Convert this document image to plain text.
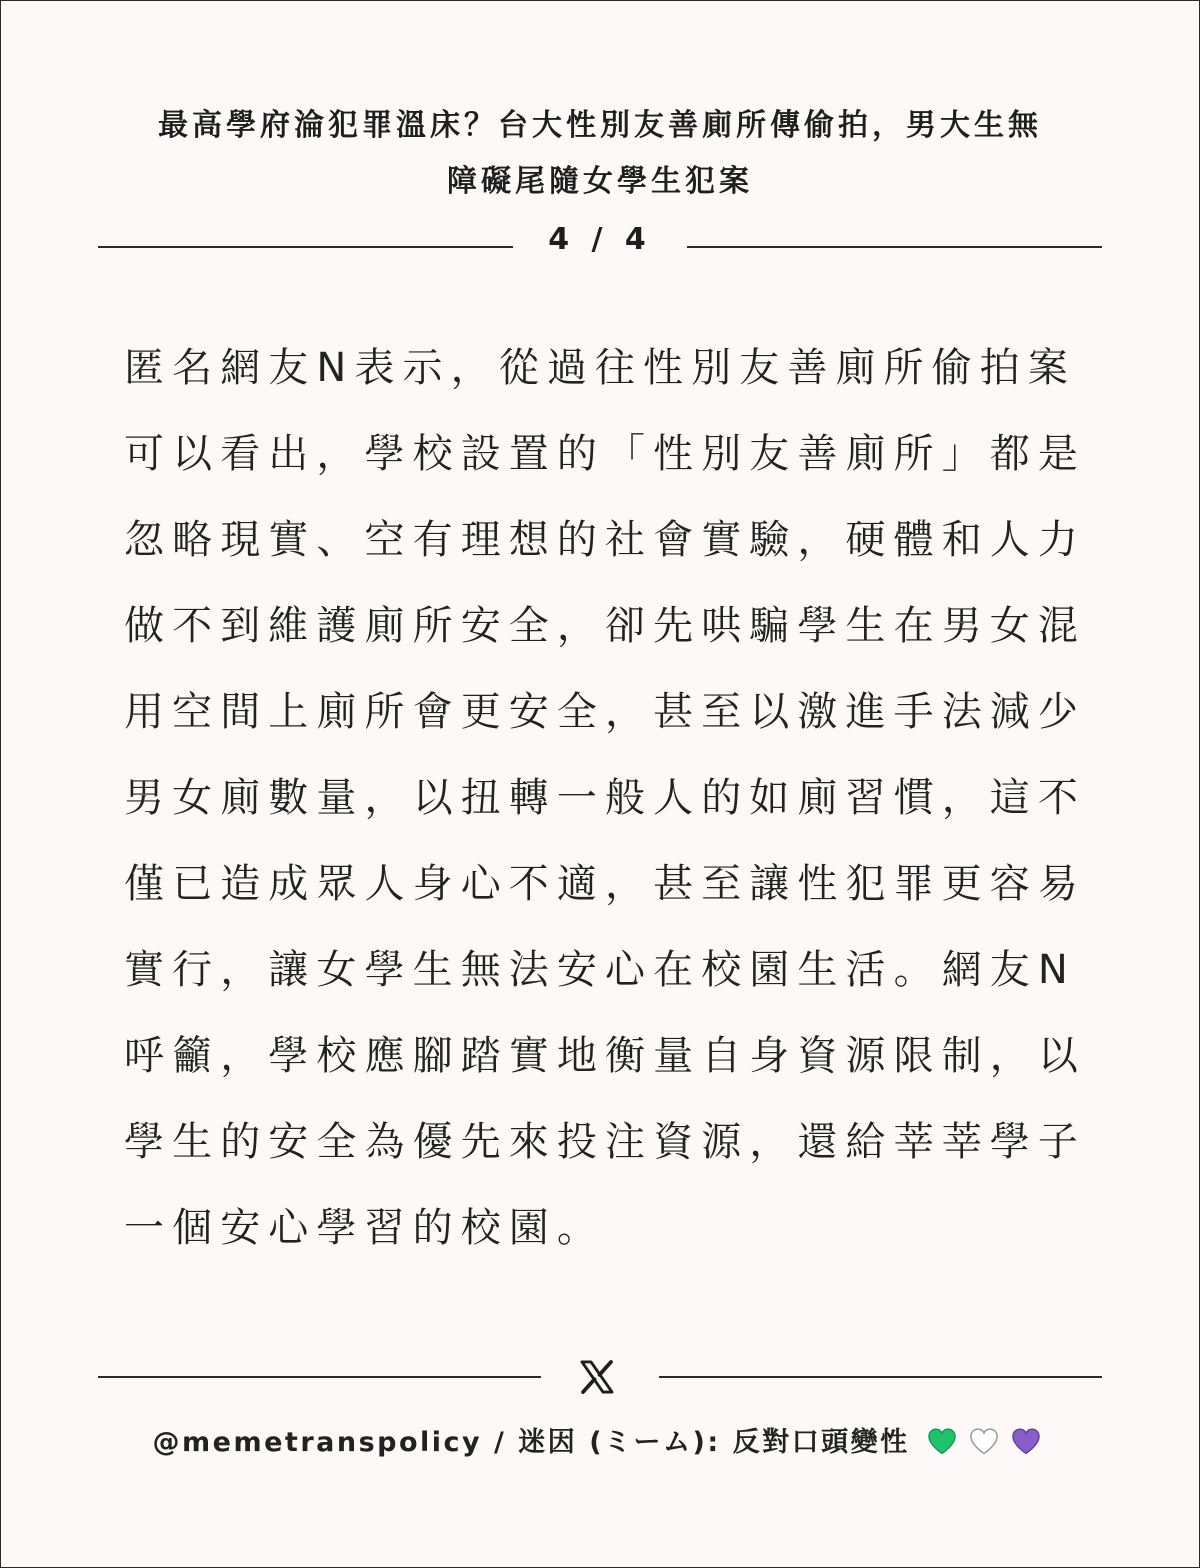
最高學府淪犯罪溫床？台大性別友善廁所傳偷拍，男大生無
障礙尾隨女學生犯案
4 / 4
匿名網友N表示，從過往性別友善廁所偷拍案
可以看出，學校設置的「性別友善廁所」都是
忽略現實、空有理想的社會實驗，硬體和人力
做不到維護廁所安全，卻先哄騙學生在男女混
用空間上廁所會更安全，甚至以激進手法減少
男女廁數量，以扭轉一般人的如廁習慣，這不
僅已造成眾人身心不適，甚至讓性犯罪更容易
實行，讓女學生無法安心在校園生活。網友N
呼籲，學校應腳踏實地衡量自身資源限制，以
學生的安全為優先來投注資源，還給莘莘學子
一個安心學習的校園。
@memetranspolicy / 迷因 (ミーム): 反對口頭變性
